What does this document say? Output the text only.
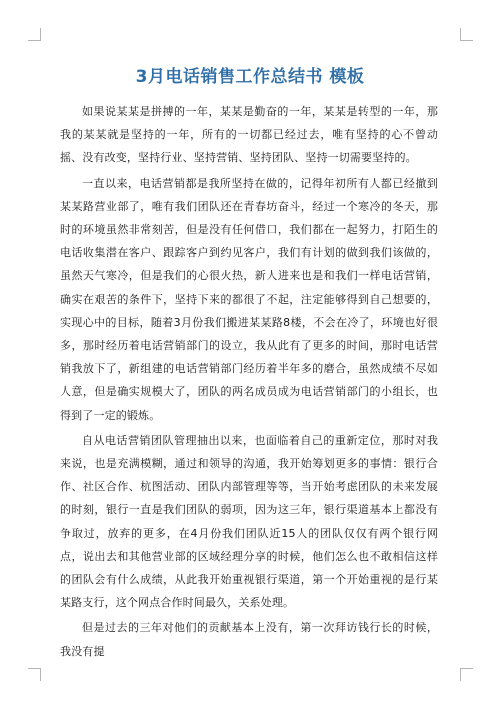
3月电话销售工作总结书 模板

如果说某某是拼搏的一年，某某是勤奋的一年，某某是转型的一年，那我的某某就是坚持的一年，所有的一切都已经过去，唯有坚持的心不曾动摇、没有改变，坚持行业、坚持营销、坚持团队、坚持一切需要坚持的。

一直以来，电话营销都是我所坚持在做的，记得年初所有人都已经撤到某某路营业部了，唯有我们团队还在青春坊奋斗，经过一个寒冷的冬天，那时的环境虽然非常刻苦，但是没有任何借口，我们都在一起努力，打陌生的电话收集潜在客户、跟踪客户到约见客户，我们有计划的做到我们该做的，虽然天气寒冷，但是我们的心很火热，新人进来也是和我们一样电话营销，确实在艰苦的条件下，坚持下来的都很了不起，注定能够得到自己想要的，实现心中的目标，随着3月份我们搬进某某路8楼，不会在冷了，环境也好很多，那时经历着电话营销部门的设立，我从此有了更多的时间，那时电话营销我放下了，新组建的电话营销部门经历着半年多的磨合，虽然成绩不尽如人意，但是确实规模大了，团队的两名成员成为电话营销部门的小组长，也得到了一定的锻炼。

自从电话营销团队管理抽出以来，也面临着自己的重新定位，那时对我来说，也是充满模糊，通过和领导的沟通，我开始筹划更多的事情：银行合作、社区合作、杭图活动、团队内部管理等等，当开始考虑团队的未来发展的时刻，银行一直是我们团队的弱项，因为这三年，银行渠道基本上都没有争取过，放弃的更多，在4月份我们团队近15人的团队仅仅有两个银行网点，说出去和其他营业部的区域经理分享的时候，他们怎么也不敢相信这样的团队会有什么成绩，从此我开始重视银行渠道，第一个开始重视的是行某某路支行，这个网点合作时间最久，关系处理。

但是过去的三年对他们的贡献基本上没有，第一次拜访钱行长的时候，我没有提
